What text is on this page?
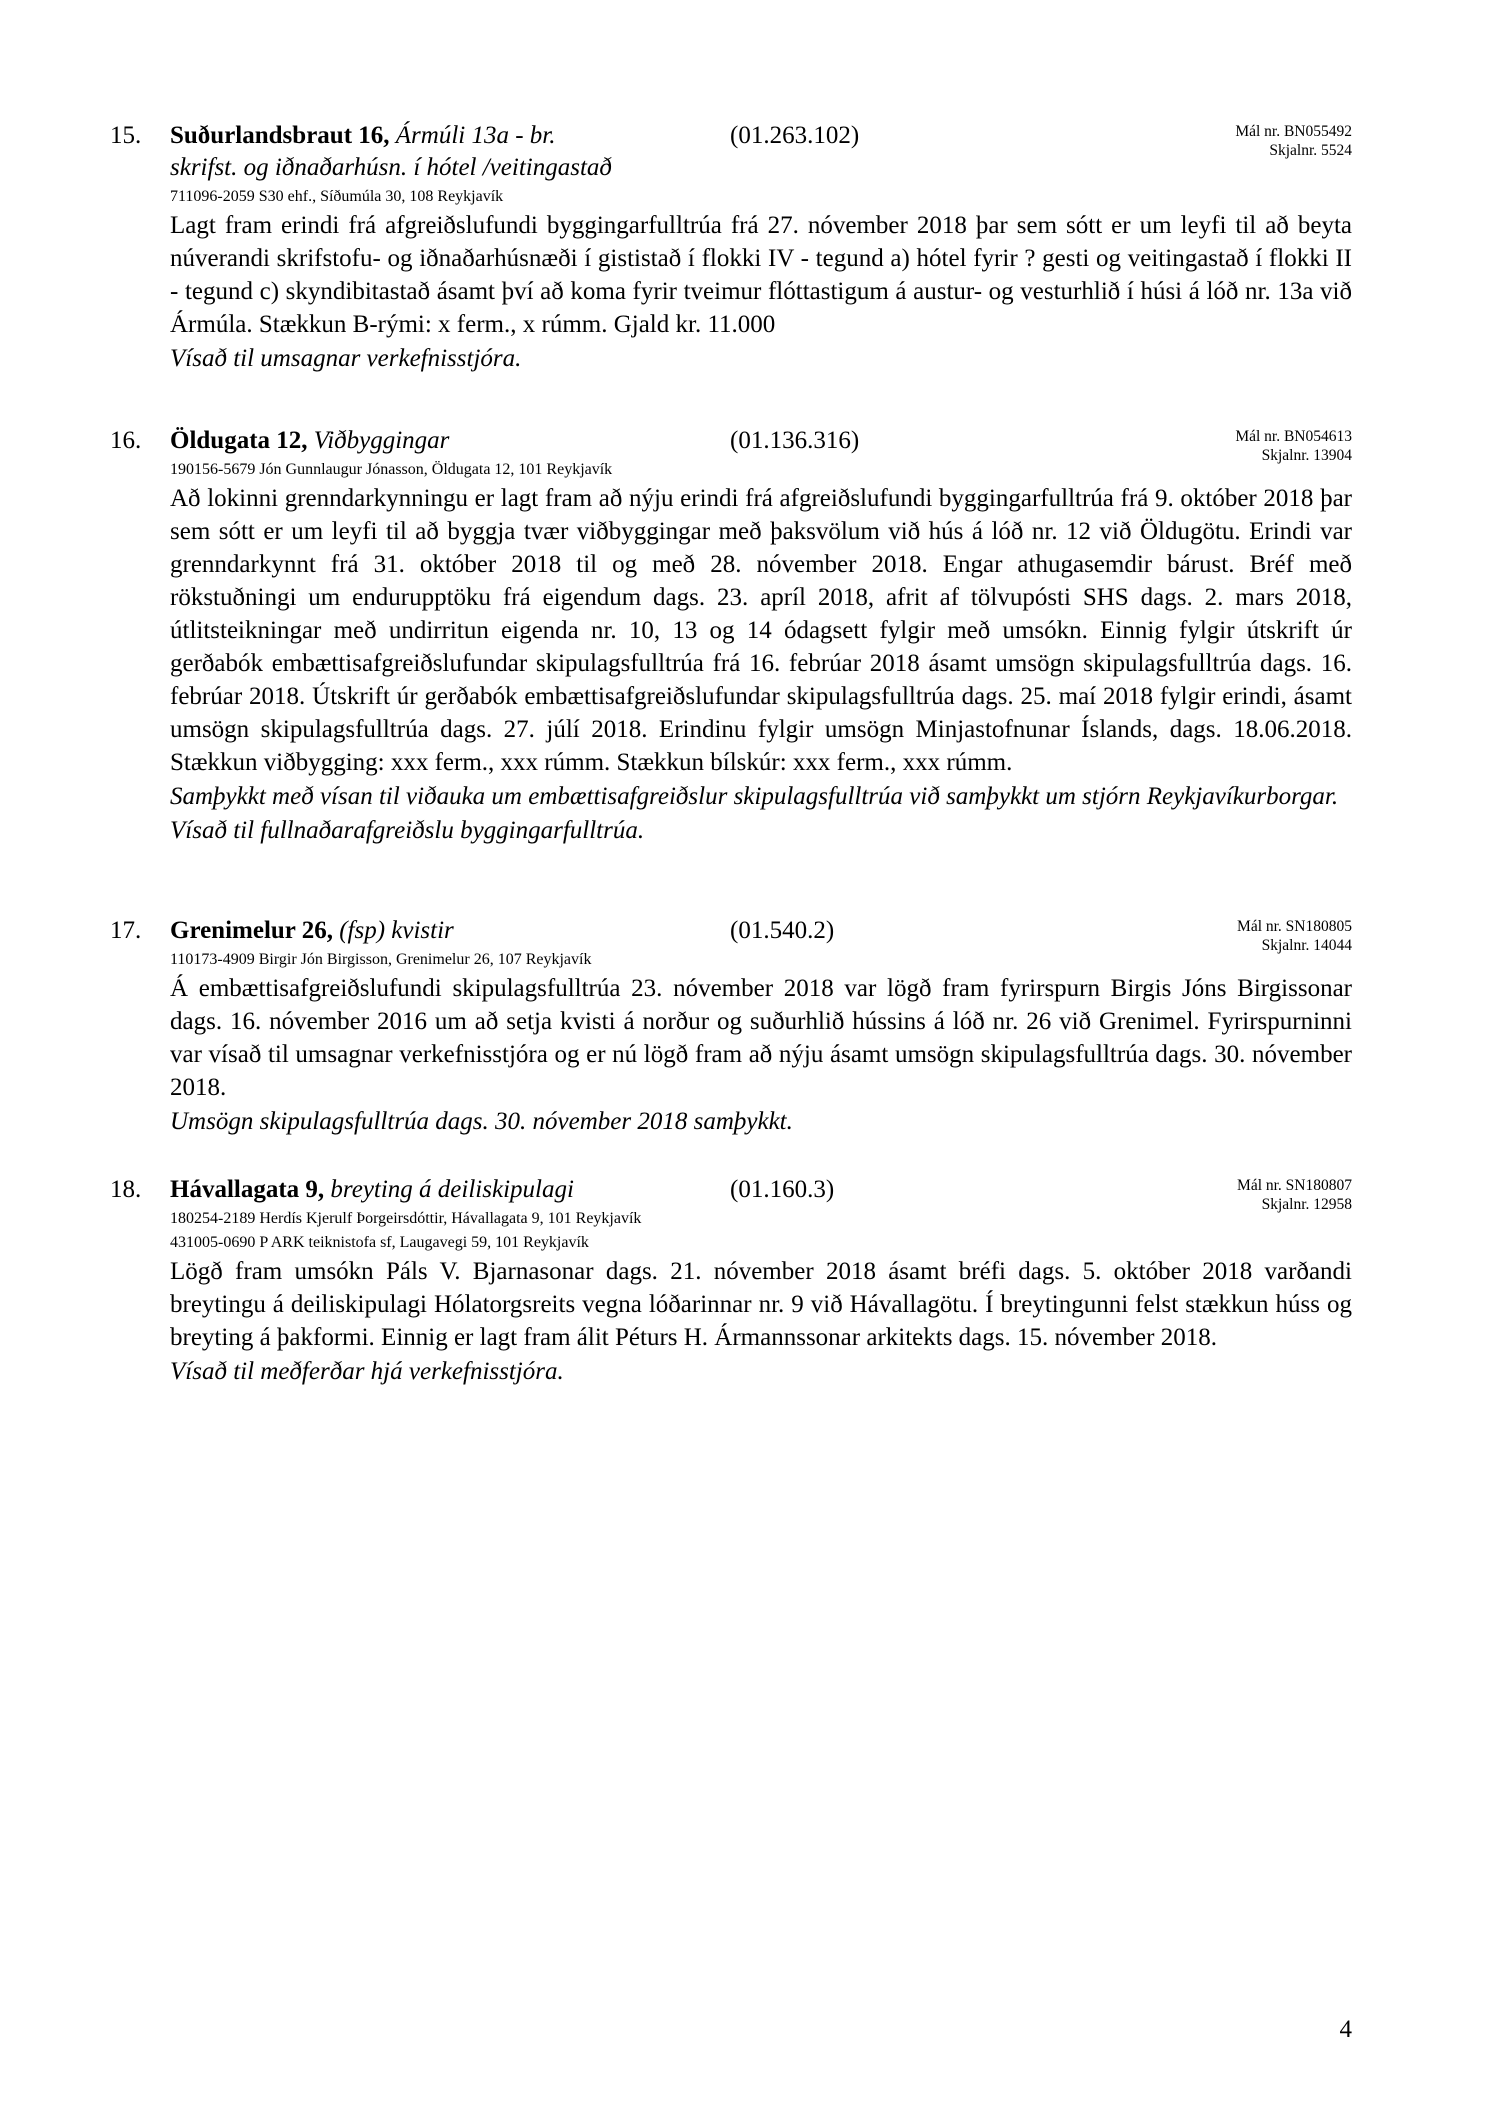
15. Suðurlandsbraut 16, Ármúli 13a - br.	(01.263.102)	Mál nr. BN055492
Skjalnr. 5524
skrifst. og iðnaðarhúsn. í hótel /veitingastað
711096-2059 S30 ehf., Síðumúla 30, 108 Reykjavík
Lagt fram erindi frá afgreiðslufundi byggingarfulltrúa frá 27. nóvember 2018 þar sem sótt er um leyfi til að beyta núverandi skrifstofu- og iðnaðarhúsnæði í gististað í flokki IV - tegund a) hótel fyrir ? gesti og veitingastað í flokki II - tegund c) skyndibitastað ásamt því að koma fyrir tveimur flóttastigum á austur- og vesturhlið í húsi á lóð nr. 13a við Ármúla. Stækkun B-rými: x ferm., x rúmm. Gjald kr. 11.000
Vísað til umsagnar verkefnisstjóra.
16. Öldugata 12, Viðbyggingar	(01.136.316)	Mál nr. BN054613
Skjalnr. 13904
190156-5679 Jón Gunnlaugur Jónasson, Öldugata 12, 101 Reykjavík
Að lokinni grenndarkynningu er lagt fram að nýju erindi frá afgreiðslufundi byggingarfulltrúa frá 9. október 2018 þar sem sótt er um leyfi til að byggja tvær viðbyggingar með þaksvölum við hús á lóð nr. 12 við Öldugötu. Erindi var grenndarkynnt frá 31. október 2018 til og með 28. nóvember 2018. Engar athugasemdir bárust. Bréf með rökstuðningi um endurupptöku frá eigendum dags. 23. apríl 2018, afrit af tölvupósti SHS dags. 2. mars 2018, útlitsteikningar með undirritun eigenda nr. 10, 13 og 14 ódagsett fylgir með umsókn. Einnig fylgir útskrift úr gerðabók embættisafgreiðslufundar skipulagsfulltrúa frá 16. febrúar 2018 ásamt umsögn skipulagsfulltrúa dags. 16. febrúar 2018. Útskrift úr gerðabók embættisafgreiðslufundar skipulagsfulltrúa dags. 25. maí 2018 fylgir erindi, ásamt umsögn skipulagsfulltrúa dags. 27. júlí 2018. Erindinu fylgir umsögn Minjastofnunar Íslands, dags. 18.06.2018. Stækkun viðbygging: xxx ferm., xxx rúmm. Stækkun bílskúr: xxx ferm., xxx rúmm.
Samþykkt með vísan til viðauka um embættisafgreiðslur skipulagsfulltrúa við samþykkt um stjórn Reykjavíkurborgar.
Vísað til fullnaðarafgreiðslu byggingarfulltrúa.
17. Grenimelur 26, (fsp) kvistir	(01.540.2)	Mál nr. SN180805
Skjalnr. 14044
110173-4909 Birgir Jón Birgisson, Grenimelur 26, 107 Reykjavík
Á embættisafgreiðslufundi skipulagsfulltrúa 23. nóvember 2018 var lögð fram fyrirspurn Birgis Jóns Birgissonar dags. 16. nóvember 2016 um að setja kvisti á norður og suðurhlið hússins á lóð nr. 26 við Grenimel. Fyrirspurninni var vísað til umsagnar verkefnisstjóra og er nú lögð fram að nýju ásamt umsögn skipulagsfulltrúa dags. 30. nóvember 2018.
Umsögn skipulagsfulltrúa dags. 30. nóvember 2018 samþykkt.
18. Hávallagata 9, breyting á deiliskipulagi	(01.160.3)	Mál nr. SN180807
Skjalnr. 12958
180254-2189 Herdís Kjerulf Þorgeirsdóttir, Hávallagata 9, 101 Reykjavík
431005-0690 P ARK teiknistofa sf, Laugavegi 59, 101 Reykjavík
Lögð fram umsókn Páls V. Bjarnasonar dags. 21. nóvember 2018 ásamt bréfi dags. 5. október 2018 varðandi breytingu á deiliskipulagi Hólatorgsreits vegna lóðarinnar nr. 9 við Hávallagötu. Í breytingunni felst stækkun húss og breyting á þakformi. Einnig er lagt fram álit Péturs H. Ármannssonar arkitekts dags. 15. nóvember 2018.
Vísað til meðferðar hjá verkefnisstjóra.
4
